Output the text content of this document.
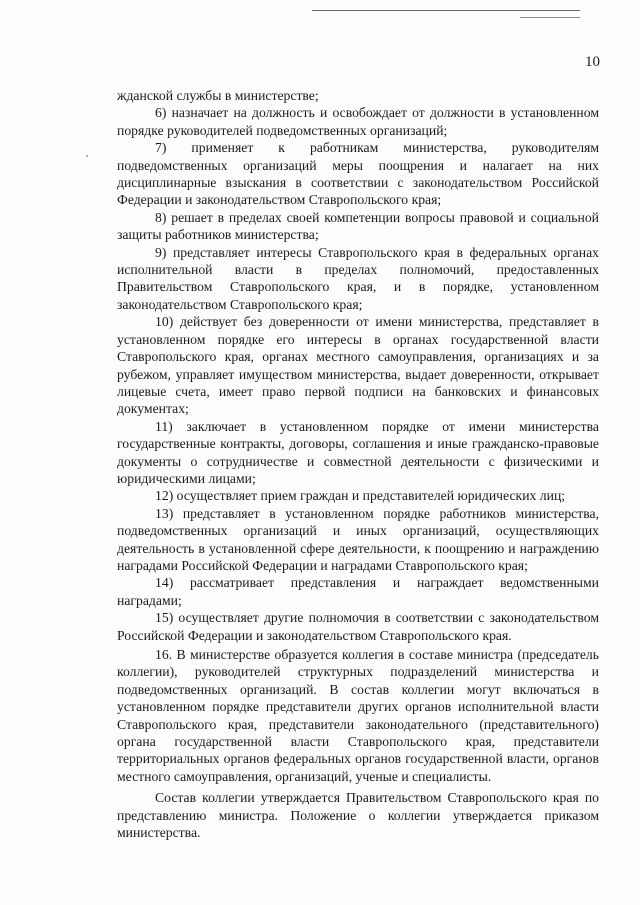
10

жданской службы в министерстве;

6) назначает на должность и освобождает от должности в установленном порядке руководителей подведомственных организаций;

7) применяет к работникам министерства, руководителям подведомственных организаций меры поощрения и налагает на них дисциплинарные взыскания в соответствии с законодательством Российской Федерации и законодательством Ставропольского края;

8) решает в пределах своей компетенции вопросы правовой и социальной защиты работников министерства;

9) представляет интересы Ставропольского края в федеральных органах исполнительной власти в пределах полномочий, предоставленных Правительством Ставропольского края, и в порядке, установленном законодательством Ставропольского края;

10) действует без доверенности от имени министерства, представляет в установленном порядке его интересы в органах государственной власти Ставропольского края, органах местного самоуправления, организациях и за рубежом, управляет имуществом министерства, выдает доверенности, открывает лицевые счета, имеет право первой подписи на банковских и финансовых документах;

11) заключает в установленном порядке от имени министерства государственные контракты, договоры, соглашения и иные гражданско-правовые документы о сотрудничестве и совместной деятельности с физическими и юридическими лицами;

12) осуществляет прием граждан и представителей юридических лиц;

13) представляет в установленном порядке работников министерства, подведомственных организаций и иных организаций, осуществляющих деятельность в установленной сфере деятельности, к поощрению и награждению наградами Российской Федерации и наградами Ставропольского края;

14) рассматривает представления и награждает ведомственными наградами;

15) осуществляет другие полномочия в соответствии с законодательством Российской Федерации и законодательством Ставропольского края.

16. В министерстве образуется коллегия в составе министра (председатель коллегии), руководителей структурных подразделений министерства и подведомственных организаций. В состав коллегии могут включаться в установленном порядке представители других органов исполнительной власти Ставропольского края, представители законодательного (представительного) органа государственной власти Ставропольского края, представители территориальных органов федеральных органов государственной власти, органов местного самоуправления, организаций, ученые и специалисты.

Состав коллегии утверждается Правительством Ставропольского края по представлению министра. Положение о коллегии утверждается приказом министерства.
